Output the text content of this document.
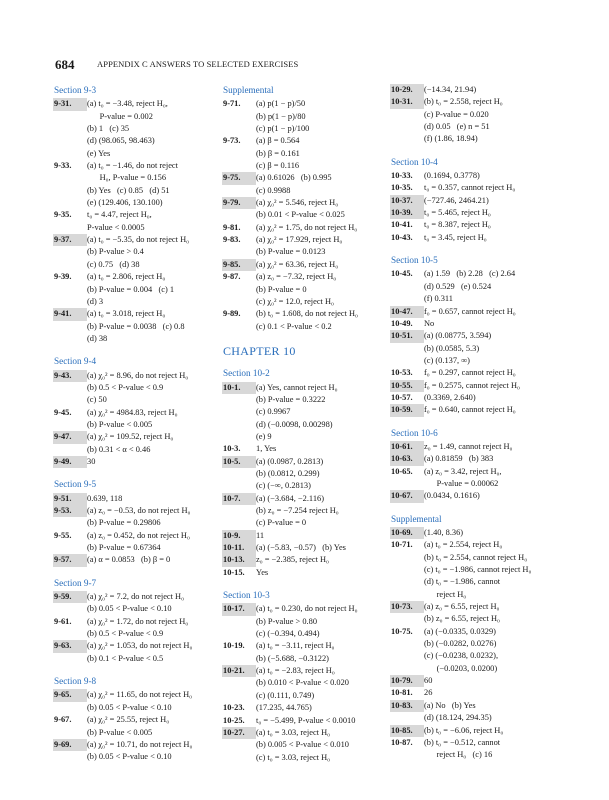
684	APPENDIX C ANSWERS TO SELECTED EXERCISES
Section 9-3
9-31.	(a) t₀ = −3.48, reject H₀,
P-value = 0.002
(b) 1   (c) 35
(d) (98.065, 98.463)
(e) Yes
9-33.	(a) t₀ = −1.46, do not reject
H₀, P-value = 0.156
(b) Yes   (c) 0.85   (d) 51
(e) (129.406, 130.100)
9-35.	t₀ = 4.47, reject H₀,
P-value < 0.0005
9-37.	(a) t₀ = −5.35, do not reject H₀
(b) P-value > 0.4
(c) 0.75   (d) 38
9-39.	(a) t₀ = 2.806, reject H₀
(b) P-value = 0.004   (c) 1
(d) 3
9-41.	(a) t₀ = 3.018, reject H₀
(b) P-value = 0.0038   (c) 0.8
(d) 38
Section 9-4
9-43.	(a) χ₀² = 8.96, do not reject H₀
(b) 0.5 < P-value < 0.9
(c) 50
9-45.	(a) χ₀² = 4984.83, reject H₀
(b) P-value < 0.005
9-47.	(a) χ₀² = 109.52, reject H₀
(b) 0.31 < α < 0.46
9-49.	30
Section 9-5
9-51.	0.639, 118
9-53.	(a) z₀ = −0.53, do not reject H₀
(b) P-value = 0.29806
9-55.	(a) z₀ = 0.452, do not reject H₀
(b) P-value = 0.67364
9-57.	(a) α = 0.0853   (b) β = 0
Section 9-7
9-59.	(a) χ₀² = 7.2, do not reject H₀
(b) 0.05 < P-value < 0.10
9-61.	(a) χ₀² = 1.72, do not reject H₀
(b) 0.5 < P-value < 0.9
9-63.	(a) χ₀² = 1.053, do not reject H₀
(b) 0.1 < P-value < 0.5
Section 9-8
9-65.	(a) χ₀² = 11.65, do not reject H₀
(b) 0.05 < P-value < 0.10
9-67.	(a) χ₀² = 25.55, reject H₀
(b) P-value < 0.005
9-69.	(a) χ₀² = 10.71, do not reject H₀
(b) 0.05 < P-value < 0.10
Supplemental
9-71.	(a) p(1 − p)/50
(b) p(1 − p)/80
(c) p(1 − p)/100
9-73.	(a) β = 0.564
(b) β = 0.161
(c) β = 0.116
9-75.	(a) 0.61026   (b) 0.995
(c) 0.9988
9-79.	(a) χ₀² = 5.546, reject H₀
(b) 0.01 < P-value < 0.025
9-81.	(a) χ₀² = 1.75, do not reject H₀
9-83.	(a) χ₀² = 17.929, reject H₀
(b) P-value = 0.0123
9-85.	(a) χ₀² = 63.36, reject H₀
9-87.	(a) z₀ = −7.32, reject H₀
(b) P-value = 0
(c) χ₀² = 12.0, reject H₀
9-89.	(b) t₀ = 1.608, do not reject H₀
(c) 0.1 < P-value < 0.2
CHAPTER 10
Section 10-2
10-1.	(a) Yes, cannot reject H₀
(b) P-value = 0.3222
(c) 0.9967
(d) (−0.0098, 0.00298)
(e) 9
10-3.	1, Yes
10-5.	(a) (0.0987, 0.2813)
(b) (0.0812, 0.299)
(c) (−∞, 0.2813)
10-7.	(a) (−3.684, −2.116)
(b) z₀ = −7.254 reject H₀
(c) P-value = 0
10-9.	11
10-11.	(a) (−5.83, −0.57)   (b) Yes
10-13.	z₀ = −2.385, reject H₀
10-15.	Yes
Section 10-3
10-17.	(a) t₀ = 0.230, do not reject H₀
(b) P-value > 0.80
(c) (−0.394, 0.494)
10-19.	(a) t₀ = −3.11, reject H₀
(b) (−5.688, −0.3122)
10-21.	(a) t₀ = −2.83, reject H₀
(b) 0.010 < P-value < 0.020
(c) (0.111, 0.749)
10-23.	(17.235, 44.765)
10-25.	t₀ = −5.499, P-value < 0.0010
10-27.	(a) t₀ = 3.03, reject H₀
(b) 0.005 < P-value < 0.010
(c) t₀ = 3.03, reject H₀
10-29.	(−14.34, 21.94)
10-31.	(b) t₀ = 2.558, reject H₀
(c) P-value = 0.020
(d) 0.05   (e) n = 51
(f) (1.86, 18.94)
Section 10-4
10-33.	(0.1694, 0.3778)
10-35.	t₀ = 0.357, cannot reject H₀
10-37.	(−727.46, 2464.21)
10-39.	t₀ = 5.465, reject H₀
10-41.	t₀ = 8.387, reject H₀
10-43.	t₀ = 3.45, reject H₀
Section 10-5
10-45.	(a) 1.59   (b) 2.28   (c) 2.64
(d) 0.529   (e) 0.524
(f) 0.311
10-47.	f₀ = 0.657, cannot reject H₀
10-49.	No
10-51.	(a) (0.08775, 3.594)
(b) (0.0585, 5.3)
(c) (0.137, ∞)
10-53.	f₀ = 0.297, cannot reject H₀
10-55.	f₀ = 0.2575, cannot reject H₀
10-57.	(0.3369, 2.640)
10-59.	f₀ = 0.640, cannot reject H₀
Section 10-6
10-61.	z₀ = 1.49, cannot reject H₀
10-63.	(a) 0.81859   (b) 383
10-65.	(a) z₀ = 3.42, reject H₀,
P-value = 0.00062
10-67.	(0.0434, 0.1616)
Supplemental
10-69.	(1.40, 8.36)
10-71.	(a) t₀ = 2.554, reject H₀
(b) t₀ = 2.554, cannot reject H₀
(c) t₀ = −1.986, cannot reject H₀
(d) t₀ = −1.986, cannot
reject H₀
10-73.	(a) z₀ = 6.55, reject H₀
(b) z₀ = 6.55, reject H₀
10-75.	(a) (−0.0335, 0.0329)
(b) (−0.0282, 0.0276)
(c) (−0.0238, 0.0232),
(−0.0203, 0.0200)
10-79.	60
10-81.	26
10-83.	(a) No   (b) Yes
(d) (18.124, 294.35)
10-85.	(b) t₀ = −6.06, reject H₀
10-87.	(b) t₀ = −0.512, cannot
reject H₀   (c) 16
